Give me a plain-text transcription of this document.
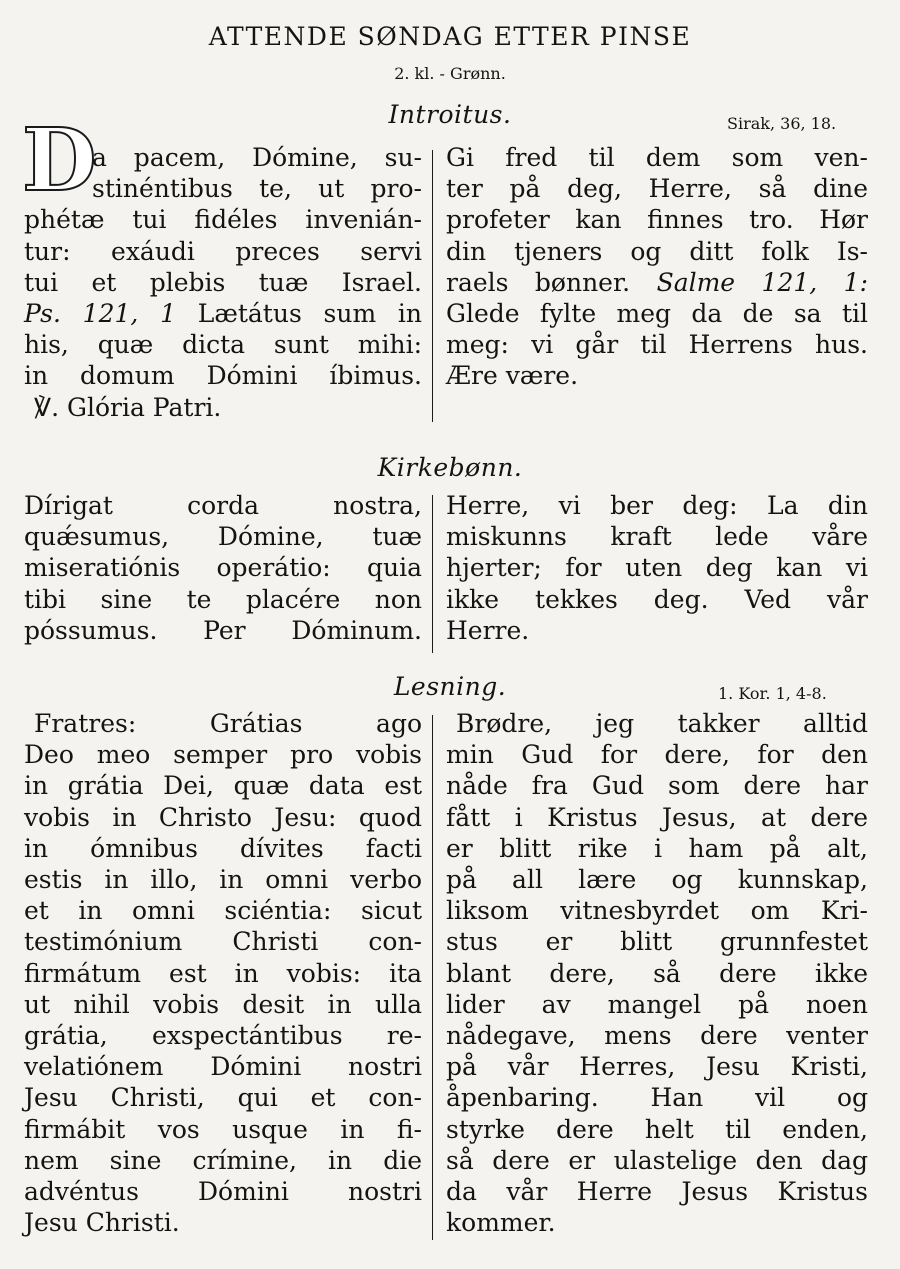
ATTENDE SØNDAG ETTER PINSE
2. kl. - Grønn.
Introitus.	Sirak, 36, 18.
D
a pacem, Dómine, su-
stinéntibus te, ut pro-
phétæ tui fidéles invenián-
tur: exáudi preces servi
tui et plebis tuæ Israel.
Ps. 121, 1 Lætátus sum in
his, quæ dicta sunt mihi:
in domum Dómini íbimus.
℣. Glória Patri.
Gi fred til dem som ven-
ter på deg, Herre, så dine
profeter kan finnes tro. Hør
din tjeners og ditt folk Is-
raels bønner. Salme 121, 1:
Glede fylte meg da de sa til
meg: vi går til Herrens hus.
Ære være.
Kirkebønn.
Dírigat corda nostra,
quǽsumus, Dómine, tuæ
miseratiónis operátio: quia
tibi sine te placére non
póssumus. Per Dóminum.
Herre, vi ber deg: La din
miskunns kraft lede våre
hjerter; for uten deg kan vi
ikke tekkes deg. Ved vår
Herre.
Lesning.	1. Kor. 1, 4-8.
Fratres: Grátias ago
Deo meo semper pro vobis
in grátia Dei, quæ data est
vobis in Christo Jesu: quod
in ómnibus dívites facti
estis in illo, in omni verbo
et in omni sciéntia: sicut
testimónium Christi con-
firmátum est in vobis: ita
ut nihil vobis desit in ulla
grátia, exspectántibus re-
velatiónem Dómini nostri
Jesu Christi, qui et con-
firmábit vos usque in fi-
nem sine crímine, in die
advéntus Dómini nostri
Jesu Christi.
Brødre, jeg takker alltid
min Gud for dere, for den
nåde fra Gud som dere har
fått i Kristus Jesus, at dere
er blitt rike i ham på alt,
på all lære og kunnskap,
liksom vitnesbyrdet om Kri-
stus er blitt grunnfestet
blant dere, så dere ikke
lider av mangel på noen
nådegave, mens dere venter
på vår Herres, Jesu Kristi,
åpenbaring. Han vil og
styrke dere helt til enden,
så dere er ulastelige den dag
da vår Herre Jesus Kristus
kommer.
